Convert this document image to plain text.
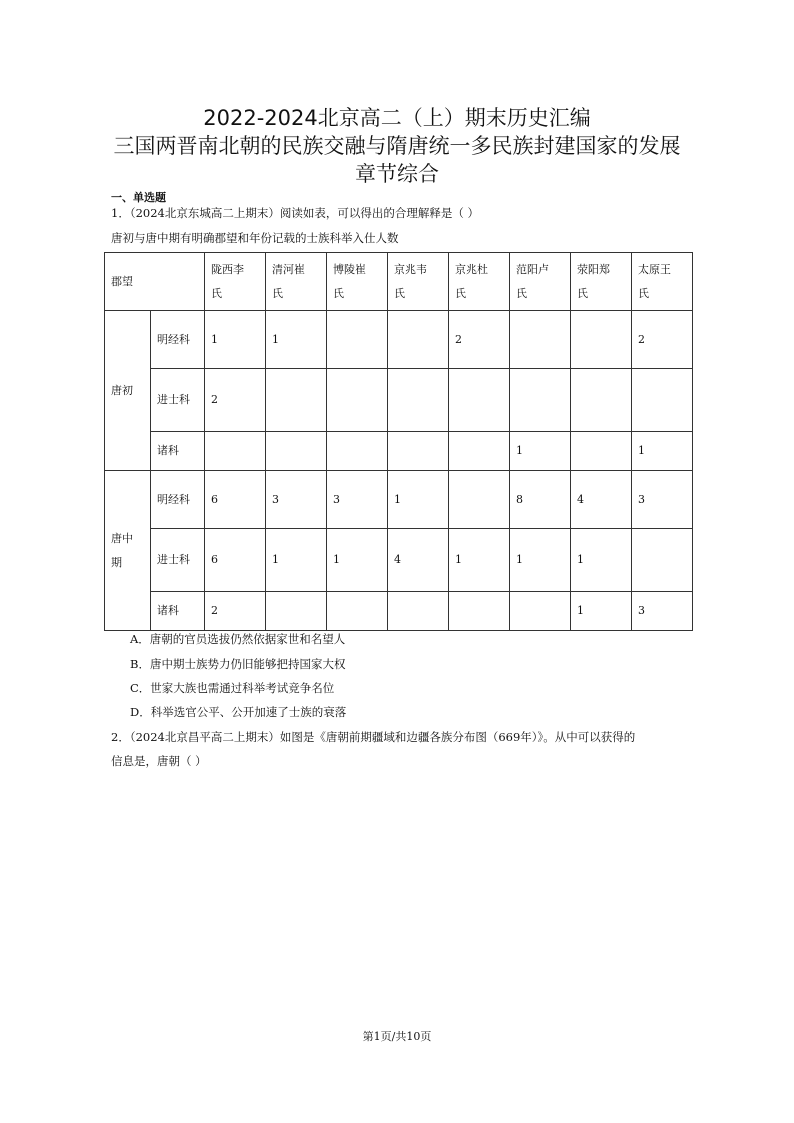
2022-2024北京高二（上）期末历史汇编
三国两晋南北朝的民族交融与隋唐统一多民族封建国家的发展
章节综合
一、单选题
1．（2024北京东城高二上期末）阅读如表，可以得出的合理解释是（ ）
唐初与唐中期有明确郡望和年份记载的士族科举入仕人数
郡望		陇西李氏	清河崔氏	博陵崔氏	京兆韦氏	京兆杜氏	范阳卢氏	荥阳郑氏	太原王氏
唐初	明经科	1	1			2			2
	进士科	2							
	诸科						1		1
唐中期	明经科	6	3	3	1		8	4	3
	进士科	6	1	1	4	1	1	1	
	诸科	2						1	3
A．唐朝的官员选拔仍然依据家世和名望人
B．唐中期士族势力仍旧能够把持国家大权
C．世家大族也需通过科举考试竞争名位
D．科举选官公平、公开加速了士族的衰落
2．（2024北京昌平高二上期末）如图是《唐朝前期疆域和边疆各族分布图（669年）》。从中可以获得的
信息是，唐朝（ ）
第1页/共10页
